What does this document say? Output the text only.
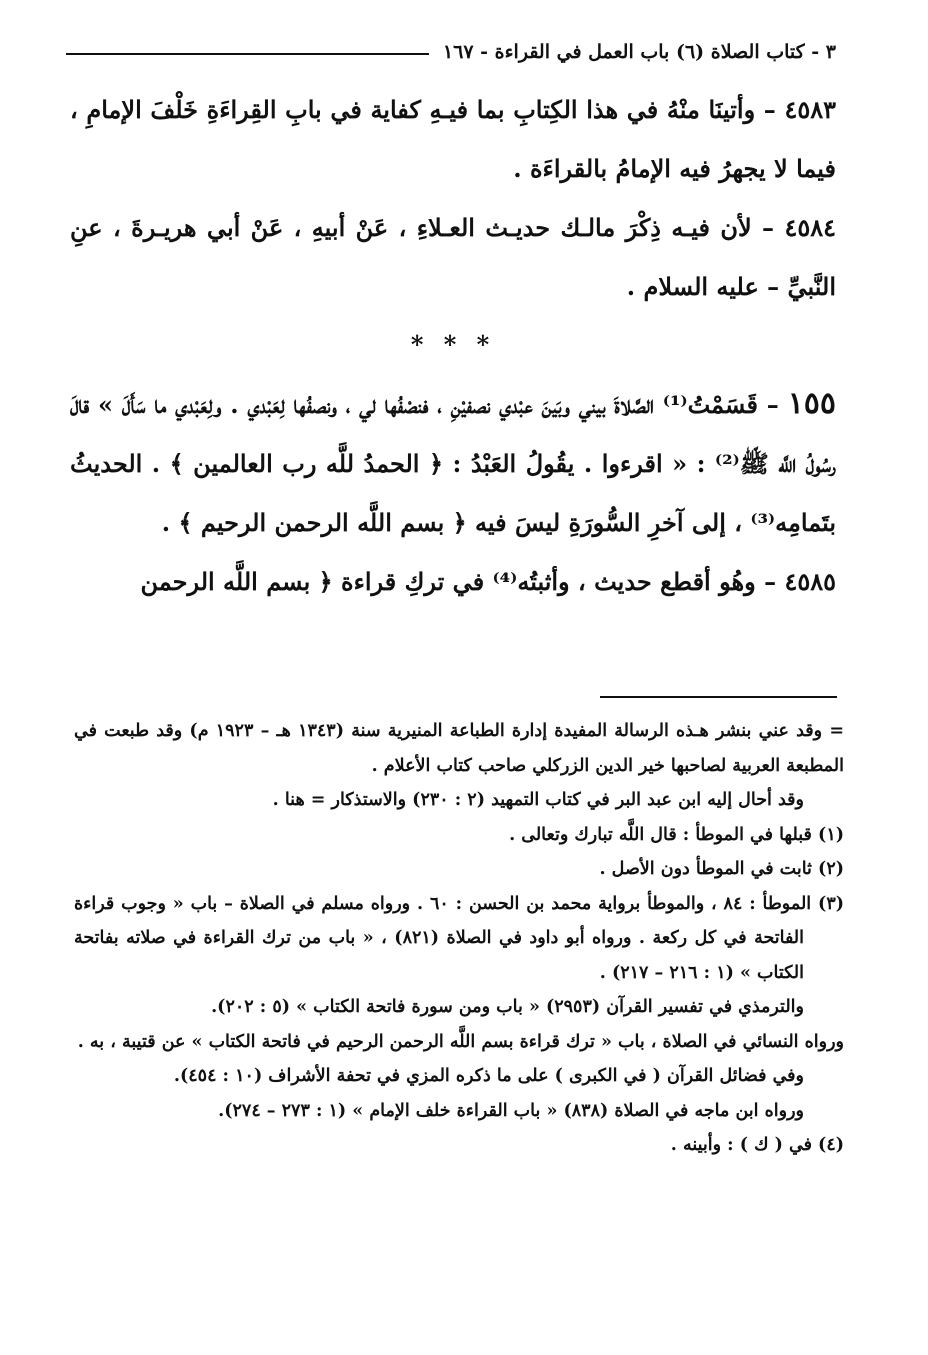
٣ - كتاب الصلاة (٦) باب العمل في القراءة - ١٦٧

٤٥٨٣ – وأتينَا منْهُ في هذا الكِتابِ بما فيـهِ كفاية في بابِ القِراءَةِ خَلْفَ الإمامِ ، فيما لا يجهرُ فيه الإمامُ بالقراءَة .

٤٥٨٤ – لأن فيـه ذِكْرَ مالـك حديـث العـلاءِ ، عَنْ أبيهِ ، عَنْ أبي هريـرةَ ، عنِ النَّبيِّ – عليه السلام .

* * *

١٥٥ – قَسَمْتُ⁽¹⁾ الصَّلاةَ بيني وبَينَ عبْدي نصفيْنِ ، فنصْفُها لي ، ونصفُها لِعَبْدي . ولِعَبْدي ما سَأَلَ » قالَ رسُولُ اللَّه ﷺ⁽²⁾ : « اقرءوا . يقُولُ العَبْدُ : ﴿ الحمدُ للَّه رب العالمين ﴾ . الحديثُ بتَمامِه⁽³⁾ ، إلى آخرِ السُّورَةِ ليسَ فيه ﴿ بسم اللَّه الرحمن الرحيم ﴾ .

٤٥٨٥ – وهُو أقطع حديث ، وأثبتُه⁽⁴⁾ في تركِ قراءة ﴿ بسم اللَّه الرحمن

= وقد عني بنشر هـذه الرسالة المفيدة إدارة الطباعة المنيرية سنة (١٣٤٣ هـ – ١٩٢٣ م) وقد طبعت في المطبعة العربية لصاحبها خير الدين الزركلي صاحب كتاب الأعلام .

وقد أحال إليه ابن عبد البر في كتاب التمهيد (٢ : ٢٣٠) والاستذكار = هنا .

(١) قبلها في الموطأ : قال اللَّه تبارك وتعالى .

(٢) ثابت في الموطأ دون الأصل .

(٣) الموطأ : ٨٤ ، والموطأ برواية محمد بن الحسن : ٦٠ . ورواه مسلم في الصلاة – باب « وجوب قراءة الفاتحة في كل ركعة . ورواه أبو داود في الصلاة (٨٢١) ، « باب من ترك القراءة في صلاته بفاتحة الكتاب » (١ : ٢١٦ – ٢١٧) .

والترمذي في تفسير القرآن (٢٩٥٣) « باب ومن سورة فاتحة الكتاب » (٥ : ٢٠٢).

ورواه النسائي في الصلاة ، باب « ترك قراءة بسم اللَّه الرحمن الرحيم في فاتحة الكتاب » عن قتيبة ، به .

وفي فضائل القرآن ( في الكبرى ) على ما ذكره المزي في تحفة الأشراف (١٠ : ٤٥٤).

ورواه ابن ماجه في الصلاة (٨٣٨) « باب القراءة خلف الإمام » (١ : ٢٧٣ – ٢٧٤).

(٤) في ( ك ) : وأبينه .
